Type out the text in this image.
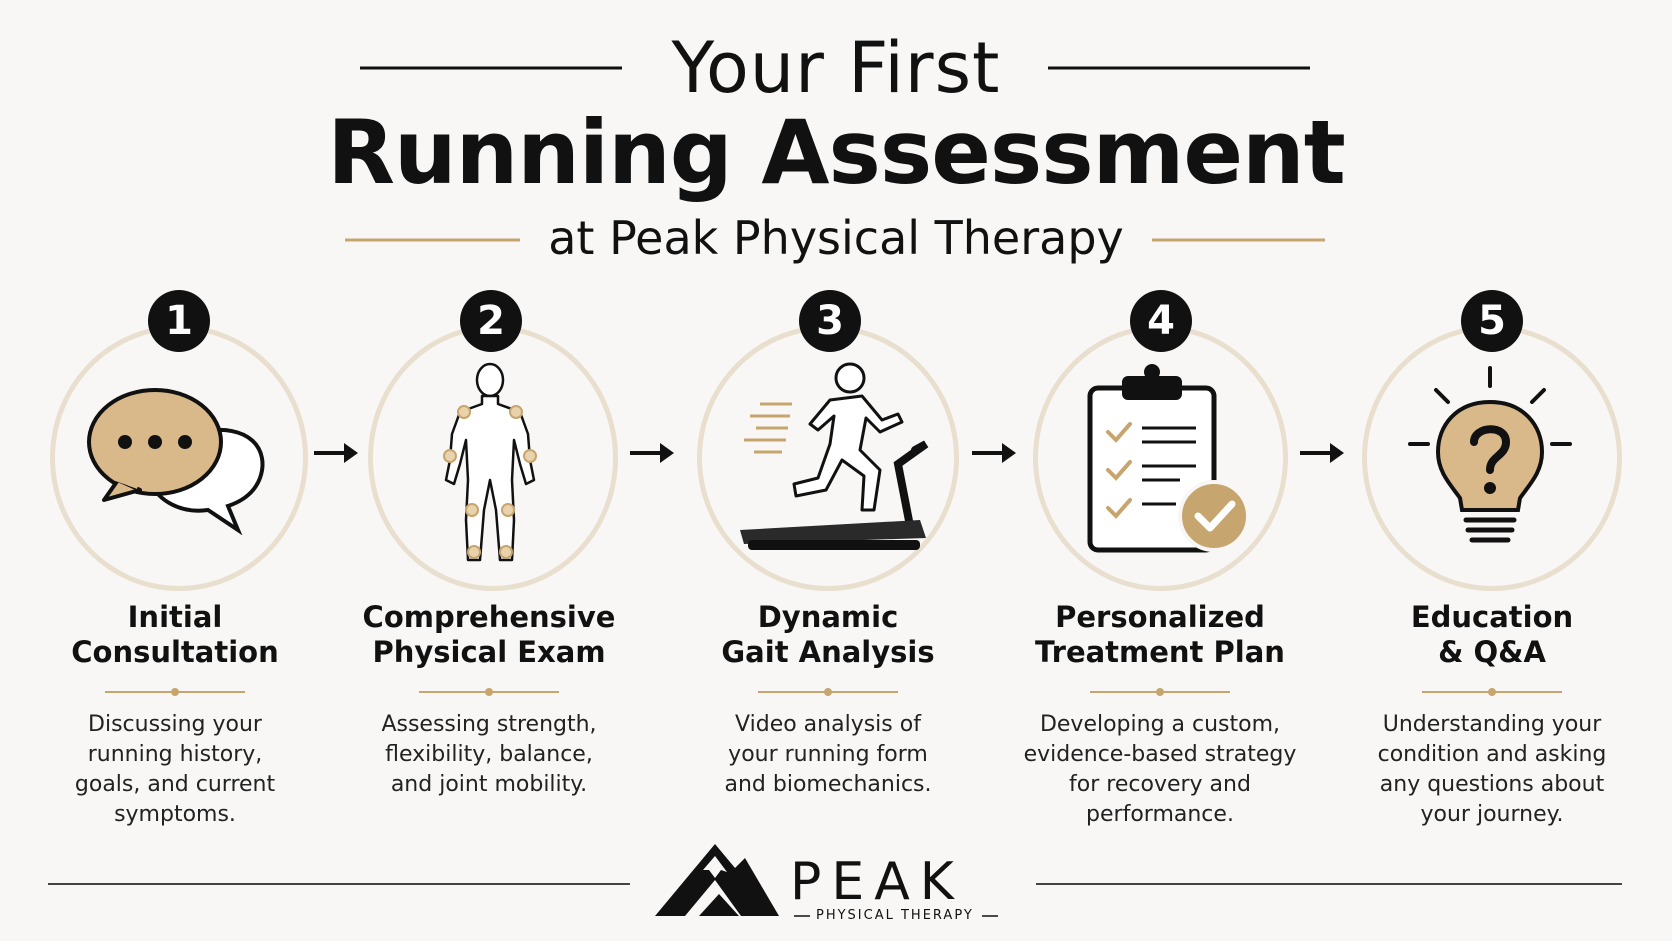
Your First
Running Assessment
at Peak Physical Therapy
1
Initial
Consultation
Discussing your
running history,
goals, and current
symptoms.
2
Comprehensive
Physical Exam
Assessing strength,
flexibility, balance,
and joint mobility.
3
Dynamic
Gait Analysis
Video analysis of
your running form
and biomechanics.
4
Personalized
Treatment Plan
Developing a custom,
evidence-based strategy
for recovery and
performance.
5
Education
& Q&A
Understanding your
condition and asking
any questions about
your journey.
PEAK
PHYSICAL THERAPY
